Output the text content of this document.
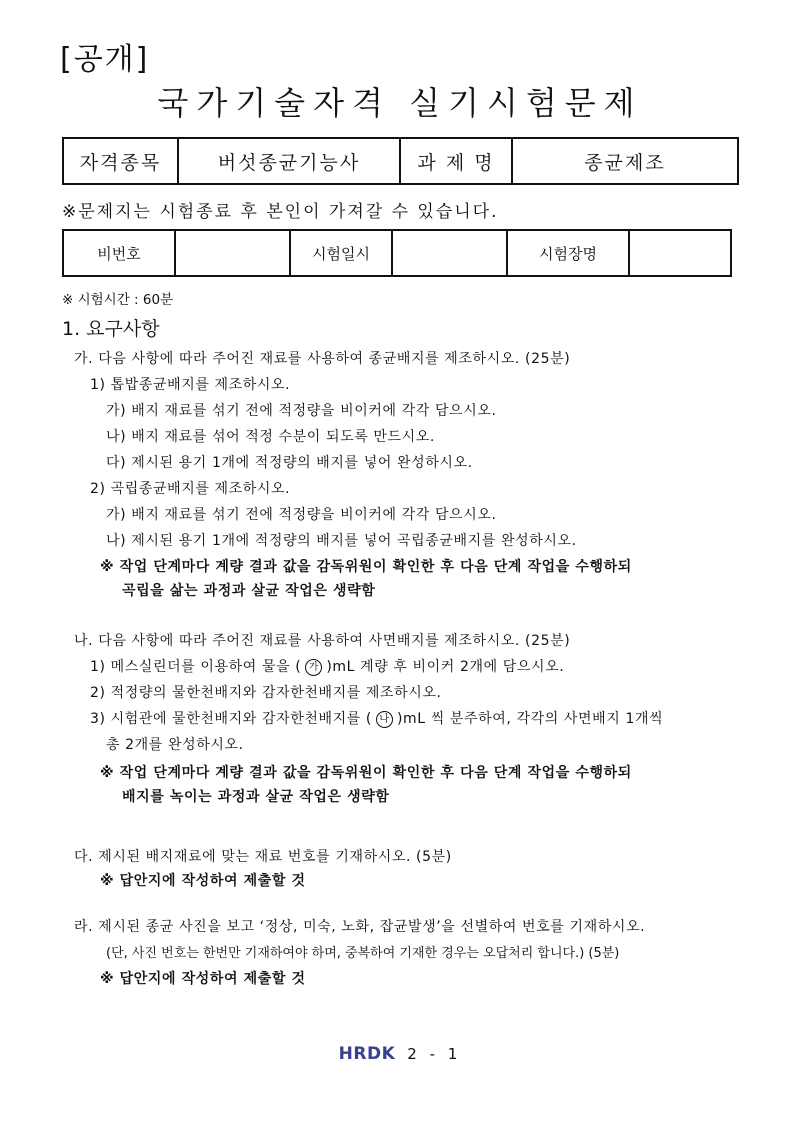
[공개]
국가기술자격 실기시험문제
자격종목	버섯종균기능사	과 제 명	종균제조
※문제지는 시험종료 후 본인이 가져갈 수 있습니다.
비번호		시험일시		시험장명	
※ 시험시간 : 60분
1. 요구사항
가. 다음 사항에 따라 주어진 재료를 사용하여 종균배지를 제조하시오. (25분)
1) 톱밥종균배지를 제조하시오.
가) 배지 재료를 섞기 전에 적정량을 비이커에 각각 담으시오.
나) 배지 재료를 섞어 적정 수분이 되도록 만드시오.
다) 제시된 용기 1개에 적정량의 배지를 넣어 완성하시오.
2) 곡립종균배지를 제조하시오.
가) 배지 재료를 섞기 전에 적정량을 비이커에 각각 담으시오.
나) 제시된 용기 1개에 적정량의 배지를 넣어 곡립종균배지를 완성하시오.
※ 작업 단계마다 계량 결과 값을 감독위원이 확인한 후 다음 단계 작업을 수행하되
곡립을 삶는 과정과 살균 작업은 생략함
나. 다음 사항에 따라 주어진 재료를 사용하여 사면배지를 제조하시오. (25분)
1) 메스실린더를 이용하여 물을 ( 가 )mL 계량 후 비이커 2개에 담으시오.
2) 적정량의 물한천배지와 감자한천배지를 제조하시오.
3) 시험관에 물한천배지와 감자한천배지를 ( 나 )mL 씩 분주하여, 각각의 사면배지 1개씩
총 2개를 완성하시오.
※ 작업 단계마다 계량 결과 값을 감독위원이 확인한 후 다음 단계 작업을 수행하되
배지를 녹이는 과정과 살균 작업은 생략함
다. 제시된 배지재료에 맞는 재료 번호를 기재하시오. (5분)
※ 답안지에 작성하여 제출할 것
라. 제시된 종균 사진을 보고 ‘정상, 미숙, 노화, 잡균발생’을 선별하여 번호를 기재하시오.
(단, 사진 번호는 한번만 기재하여야 하며, 중복하여 기재한 경우는 오답처리 합니다.) (5분)
※ 답안지에 작성하여 제출할 것
HRDK 2 - 1
